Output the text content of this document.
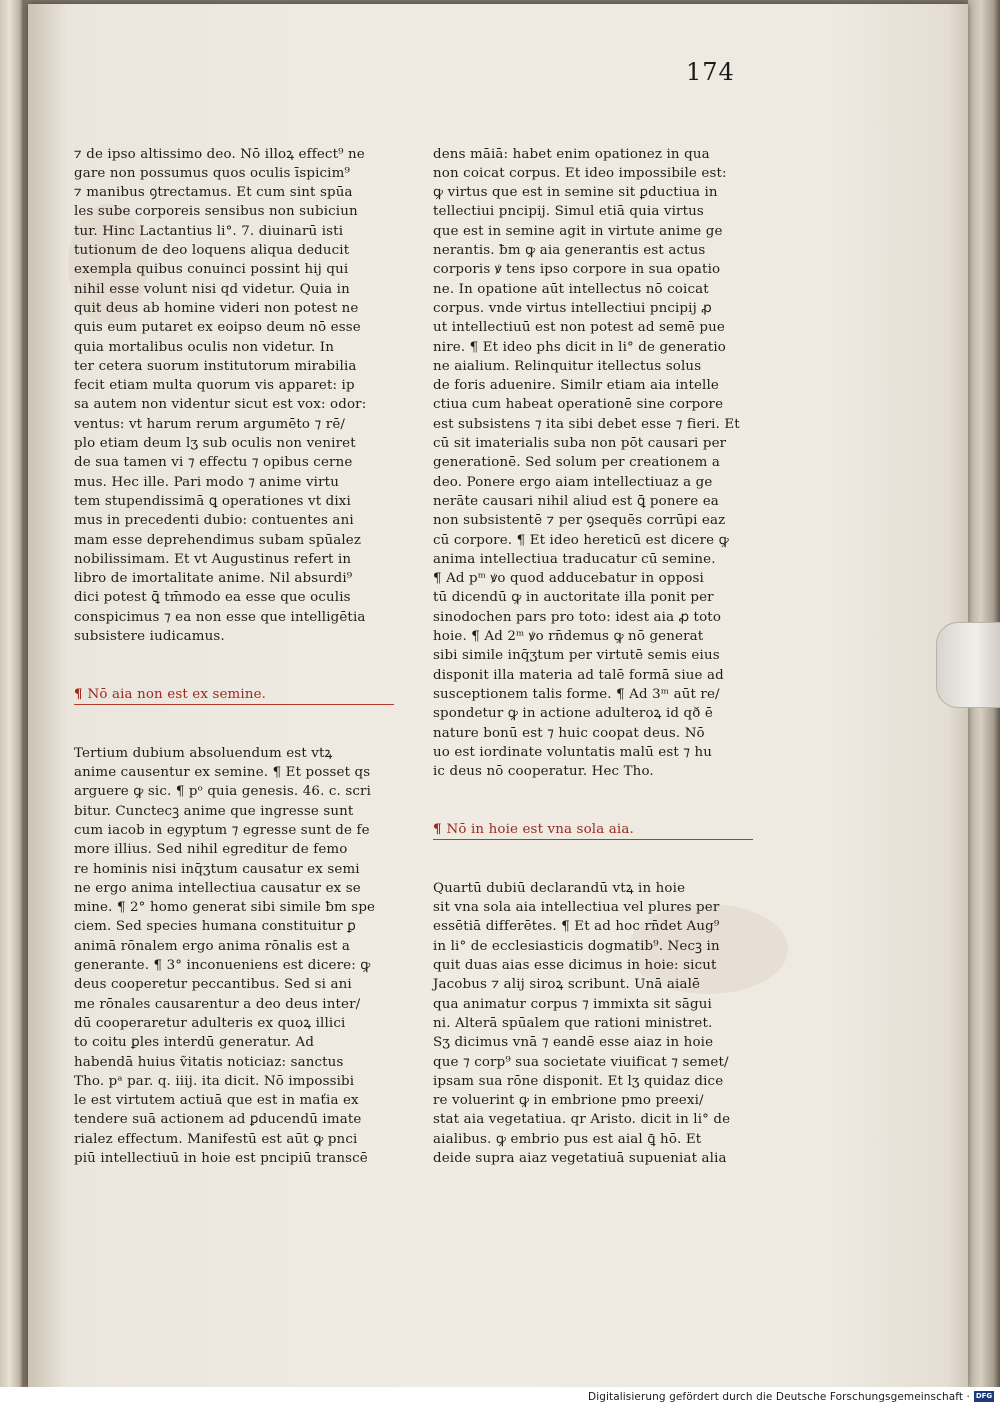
174

⁊ de ipso altissimo deo. Nō illoꝝ effect⁹ ne
gare non possumus quos oculis īspicim⁹
⁊ manibus ꝯtrectamus. Et cum sint spūa
les sube corporeis sensibus non subiciun
tur. Hinc Lactantius li°. 7. diuinarū isti
tutionum de deo loquens aliqua deducit
exempla quibus conuinci possint hij qui
nihil esse volunt nisi qd videtur. Quia in
quit deus ab homine videri non potest ne
quis eum putaret ex eoipso deum nō esse
quia mortalibus oculis non videtur. In
ter cetera suorum institutorum mirabilia
fecit etiam multa quorum vis apparet: ip
sa autem non videntur sicut est vox: odor:
ventus: vt harum rerum argumēto ⁊ rē/
plo etiam deum lʒ sub oculis non veniret
de sua tamen vi ⁊ effectu ⁊ opibus cerne
mus. Hec ille. Pari modo ⁊ anime virtu
tem stupendissimā ꝗ operationes vt dixi
mus in precedenti dubio: contuentes ani
mam esse deprehendimus subam spūalez
nobilissimam. Et vt Augustinus refert in
libro de imortalitate anime. Nil absurdi⁹
dici potest ꝗ̄ tm̄modo ea esse que oculis
conspicimus ⁊ ea non esse que intelligētia
subsistere iudicamus.

¶ Nō aia non est ex semine.

Tertium dubium absoluendum est vtꝝ
anime causentur ex semine. ¶ Et posset qs
arguere ꝙ sic. ¶ pᵒ quia genesis. 46. c. scri
bitur. Cunctecꝫ anime que ingresse sunt
cum iacob in egyptum ⁊ egresse sunt de fe
more illius. Sed nihil egreditur de femo
re hominis nisi inq̄ʒtum causatur ex semi
ne ergo anima intellectiua causatur ex se
mine. ¶ 2° homo generat sibi simile ƀm spe
ciem. Sed species humana constituitur ꝑ
animā rōnalem ergo anima rōnalis est a
generante. ¶ 3° inconueniens est dicere: ꝙ
deus cooperetur peccantibus. Sed si ani
me rōnales causarentur a deo deus inter/
dū cooperaretur adulteris ex quoꝝ illici
to coitu ꝑles interdū generatur. Ad
habendā huius ṽitatis noticiaz: sanctus
Tho. pᵃ par. q. iiij. ita dicit. Nō impossibi
le est virtutem actiuā que est in maťia ex
tendere suā actionem ad ꝑducendū imate
rialez effectum. Manifestū est aūt ꝙ pnci
piū intellectiuū in hoie est pncipiū transcē

dens māiā: habet enim opationez in qua
non coicat corpus. Et ideo impossibile est:
ꝙ virtus que est in semine sit ꝑductiua in
tellectiui pncipij. Simul etiā quia virtus
que est in semine agit in virtute anime ge
nerantis. ƀm ꝙ aia generantis est actus
corporis ꝟ tens ipso corpore in sua opatio
ne. In opatione aūt intellectus nō coicat
corpus. vnde virtus intellectiui pncipij ꝓ
ut intellectiuū est non potest ad semē pue
nire. ¶ Et ideo phs dicit in li° de generatio
ne aialium. Relinquitur itellectus solus
de foris aduenire. Similr etiam aia intelle
ctiua cum habeat operationē sine corpore
est subsistens ⁊ ita sibi debet esse ⁊ fieri. Et
cū sit imaterialis suba non pōt causari per
generationē. Sed solum per creationem a
deo. Ponere ergo aiam intellectiuaz a ge
nerāte causari nihil aliud est ꝗ̄ ponere ea
non subsistentē ⁊ per ꝯsequēs corrūpi eaz
cū corpore. ¶ Et ideo hereticū est dicere ꝙ
anima intellectiua traducatur cū semine.
¶ Ad pᵐ ꝟo quod adducebatur in opposi
tū dicendū ꝙ in auctoritate illa ponit per
sinodochen pars pro toto: idest aia ꝓ toto
hoie. ¶ Ad 2ᵐ ꝟo rn̄demus ꝙ nō generat
sibi simile inq̄ʒtum per virtutē semis eius
disponit illa materia ad talē formā siue ad
susceptionem talis forme. ¶ Ad 3ᵐ aūt re/
spondetur ꝙ in actione adulteroꝝ id qð ē
nature bonū est ⁊ huic coopat deus. Nō
uo est iordinate voluntatis malū est ⁊ hu
ic deus nō cooperatur. Hec Tho.

¶ Nō in hoie est vna sola aia.

Quartū dubiū declarandū vtꝝ in hoie
sit vna sola aia intellectiua vel plures per
essētiā differētes. ¶ Et ad hoc rn̄det Aug⁹
in li° de ecclesiasticis dogmatib⁹. Necꝫ in
quit duas aias esse dicimus in hoie: sicut
Jacobus ⁊ alij siroꝝ scribunt. Unā aialē
qua animatur corpus ⁊ immixta sit sāgui
ni. Alterā spūalem que rationi ministret.
Sʒ dicimus vnā ⁊ eandē esse aiaz in hoie
que ⁊ corp⁹ sua societate viuificat ⁊ semet/
ipsam sua rōne disponit. Et lʒ quidaz dice
re voluerint ꝙ in embrione pmo preexi/
stat aia vegetatiua. qr Aristo. dicit in li° de
aialibus. ꝙ embrio pus est aial ꝗ̄ hō. Et
deide supra aiaz vegetatiuā supueniat alia

Digitalisierung gefördert durch die Deutsche Forschungsgemeinschaft · DFG
